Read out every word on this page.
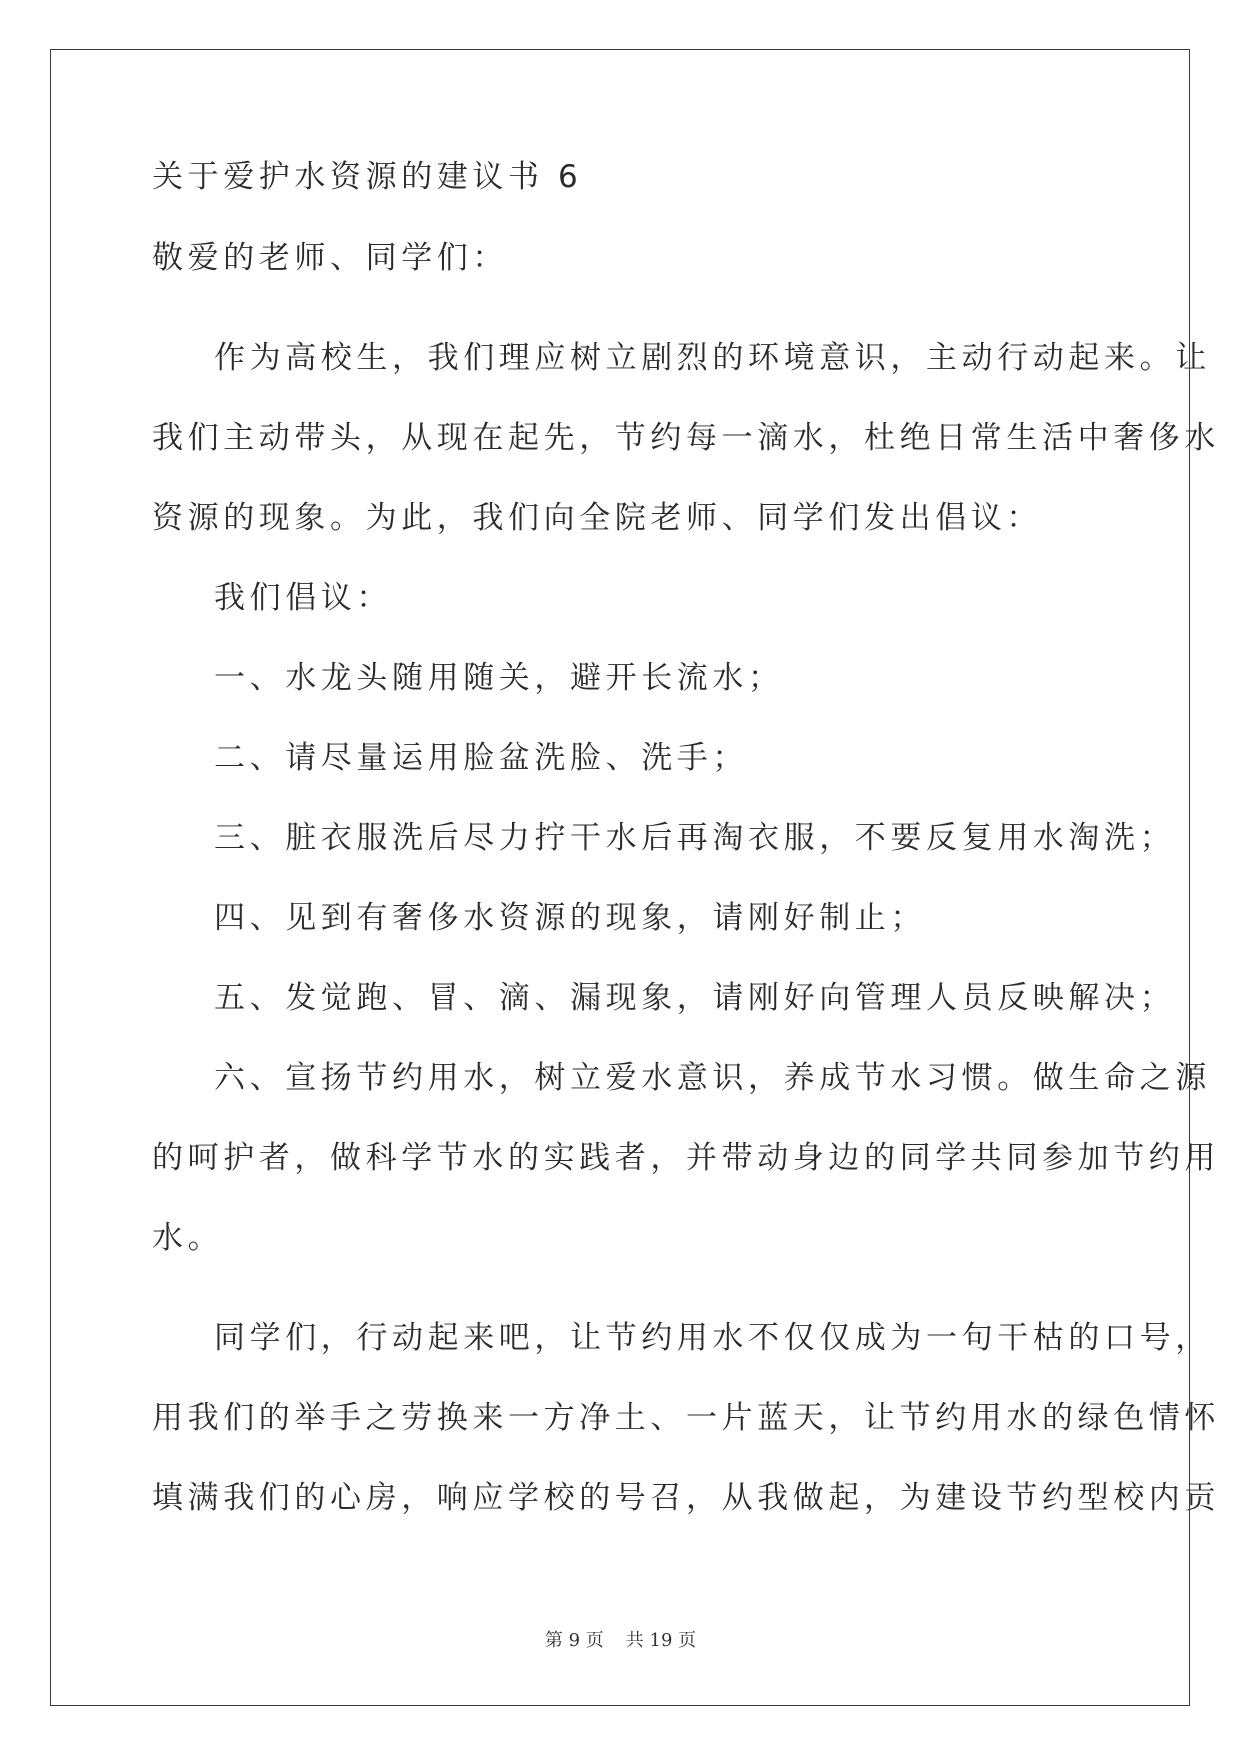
关于爱护水资源的建议书 6
敬爱的老师、同学们：
作为高校生，我们理应树立剧烈的环境意识，主动行动起来。让
我们主动带头，从现在起先，节约每一滴水，杜绝日常生活中奢侈水
资源的现象。为此，我们向全院老师、同学们发出倡议：
我们倡议：
一、水龙头随用随关，避开长流水；
二、请尽量运用脸盆洗脸、洗手；
三、脏衣服洗后尽力拧干水后再淘衣服，不要反复用水淘洗；
四、见到有奢侈水资源的现象，请刚好制止；
五、发觉跑、冒、滴、漏现象，请刚好向管理人员反映解决；
六、宣扬节约用水，树立爱水意识，养成节水习惯。做生命之源
的呵护者，做科学节水的实践者，并带动身边的同学共同参加节约用
水。
同学们，行动起来吧，让节约用水不仅仅成为一句干枯的口号，
用我们的举手之劳换来一方净土、一片蓝天，让节约用水的绿色情怀
填满我们的心房，响应学校的号召，从我做起，为建设节约型校内贡
第 9 页 共 19 页
